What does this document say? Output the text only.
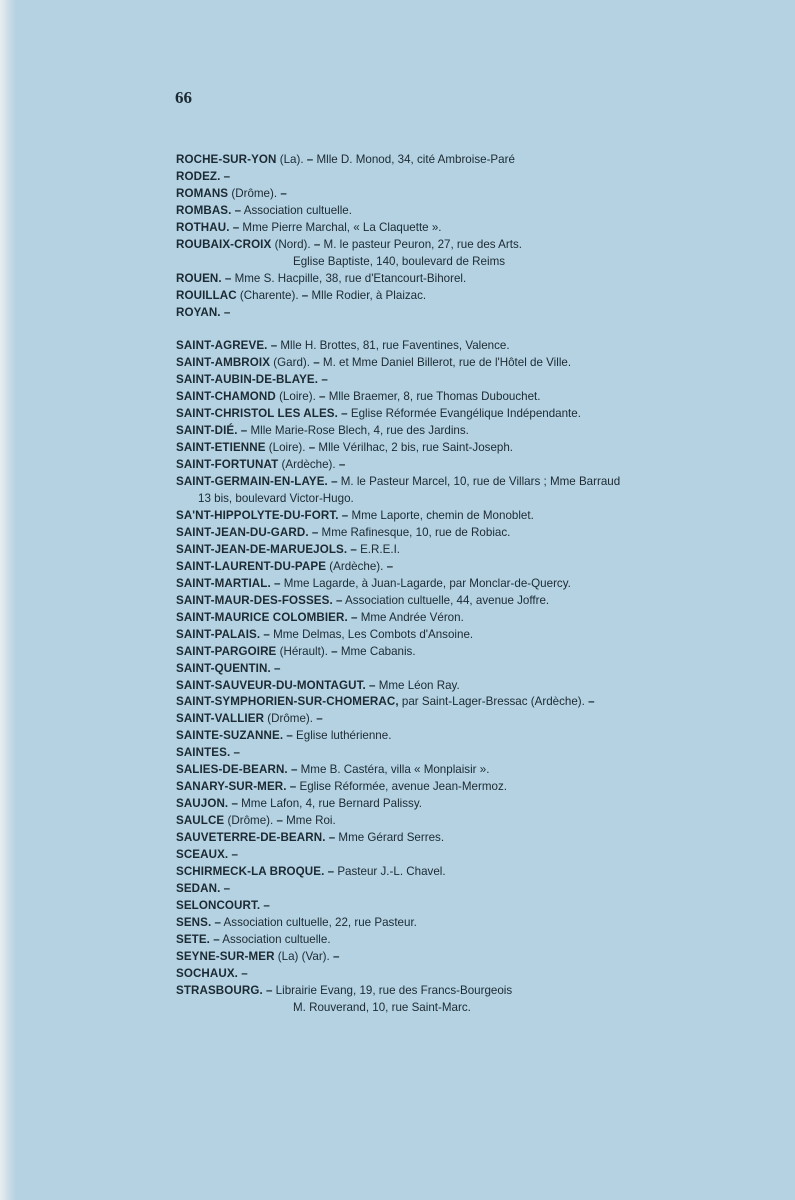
66
ROCHE-SUR-YON (La). – Mlle D. Monod, 34, cité Ambroise-Paré
RODEZ. –
ROMANS (Drôme). –
ROMBAS. – Association cultuelle.
ROTHAU. – Mme Pierre Marchal, « La Claquette ».
ROUBAIX-CROIX (Nord). – M. le pasteur Peuron, 27, rue des Arts.
Eglise Baptiste, 140, boulevard de Reims
ROUEN. – Mme S. Hacpille, 38, rue d'Etancourt-Bihorel.
ROUILLAC (Charente). – Mlle Rodier, à Plaizac.
ROYAN. –
SAINT-AGREVE. – Mlle H. Brottes, 81, rue Faventines, Valence.
SAINT-AMBROIX (Gard). – M. et Mme Daniel Billerot, rue de l'Hôtel de Ville.
SAINT-AUBIN-DE-BLAYE. –
SAINT-CHAMOND (Loire). – Mlle Braemer, 8, rue Thomas Dubouchet.
SAINT-CHRISTOL LES ALES. – Eglise Réformée Evangélique Indépendante.
SAINT-DIÉ. – Mlle Marie-Rose Blech, 4, rue des Jardins.
SAINT-ETIENNE (Loire). – Mlle Vérilhac, 2 bis, rue Saint-Joseph.
SAINT-FORTUNAT (Ardèche). –
SAINT-GERMAIN-EN-LAYE. – M. le Pasteur Marcel, 10, rue de Villars ; Mme Barraud
13 bis, boulevard Victor-Hugo.
SA'NT-HIPPOLYTE-DU-FORT. – Mme Laporte, chemin de Monoblet.
SAINT-JEAN-DU-GARD. – Mme Rafinesque, 10, rue de Robiac.
SAINT-JEAN-DE-MARUEJOLS. – E.R.E.I.
SAINT-LAURENT-DU-PAPE (Ardèche). –
SAINT-MARTIAL. – Mme Lagarde, à Juan-Lagarde, par Monclar-de-Quercy.
SAINT-MAUR-DES-FOSSES. – Association cultuelle, 44, avenue Joffre.
SAINT-MAURICE COLOMBIER. – Mme Andrée Véron.
SAINT-PALAIS. – Mme Delmas, Les Combots d'Ansoine.
SAINT-PARGOIRE (Hérault). – Mme Cabanis.
SAINT-QUENTIN. –
SAINT-SAUVEUR-DU-MONTAGUT. – Mme Léon Ray.
SAINT-SYMPHORIEN-SUR-CHOMERAC, par Saint-Lager-Bressac (Ardèche). –
SAINT-VALLIER (Drôme). –
SAINTE-SUZANNE. – Eglise luthérienne.
SAINTES. –
SALIES-DE-BEARN. – Mme B. Castéra, villa « Monplaisir ».
SANARY-SUR-MER. – Eglise Réformée, avenue Jean-Mermoz.
SAUJON. – Mme Lafon, 4, rue Bernard Palissy.
SAULCE (Drôme). – Mme Roi.
SAUVETERRE-DE-BEARN. – Mme Gérard Serres.
SCEAUX. –
SCHIRMECK-LA BROQUE. – Pasteur J.-L. Chavel.
SEDAN. –
SELONCOURT. –
SENS. – Association cultuelle, 22, rue Pasteur.
SETE. – Association cultuelle.
SEYNE-SUR-MER (La) (Var). –
SOCHAUX. –
STRASBOURG. – Librairie Evang, 19, rue des Francs-Bourgeois
M. Rouverand, 10, rue Saint-Marc.
